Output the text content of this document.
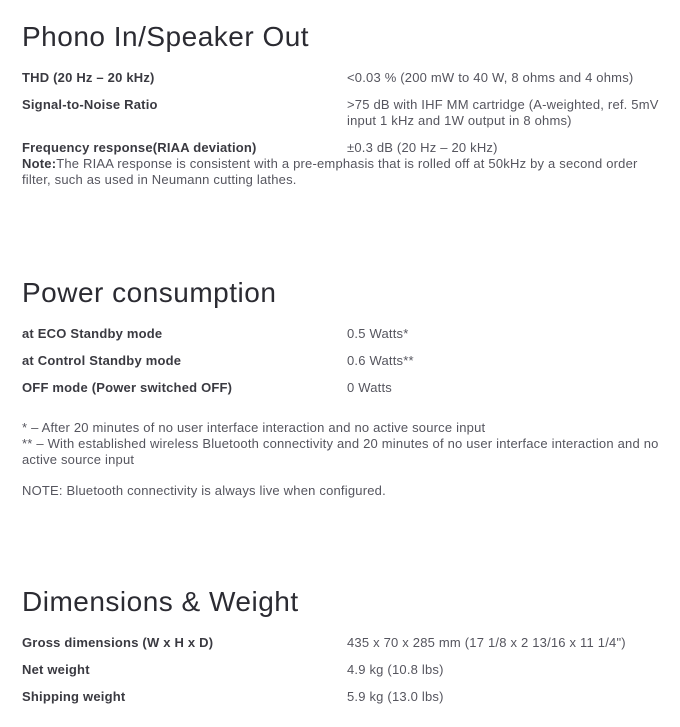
Phono In/Speaker Out
THD (20 Hz – 20 kHz)	<0.03 % (200 mW to 40 W, 8 ohms and 4 ohms)
Signal-to-Noise Ratio	>75 dB with IHF MM cartridge (A-weighted, ref. 5mV input 1 kHz and 1W output in 8 ohms)
Frequency response(RIAA deviation)	±0.3 dB (20 Hz – 20 kHz)

Note:The RIAA response is consistent with a pre-emphasis that is rolled off at 50kHz by a second order filter, such as used in Neumann cutting lathes.

Power consumption
at ECO Standby mode	0.5 Watts*
at Control Standby mode	0.6 Watts**
OFF mode (Power switched OFF)	0 Watts

* – After 20 minutes of no user interface interaction and no active source input

** – With established wireless Bluetooth connectivity and 20 minutes of no user interface interaction and no active source input

NOTE: Bluetooth connectivity is always live when configured.

Dimensions & Weight
Gross dimensions (W x H x D)	435 x 70 x 285 mm (17 1/8 x 2 13/16 x 11 1/4")
Net weight	4.9 kg (10.8 lbs)
Shipping weight	5.9 kg (13.0 lbs)
